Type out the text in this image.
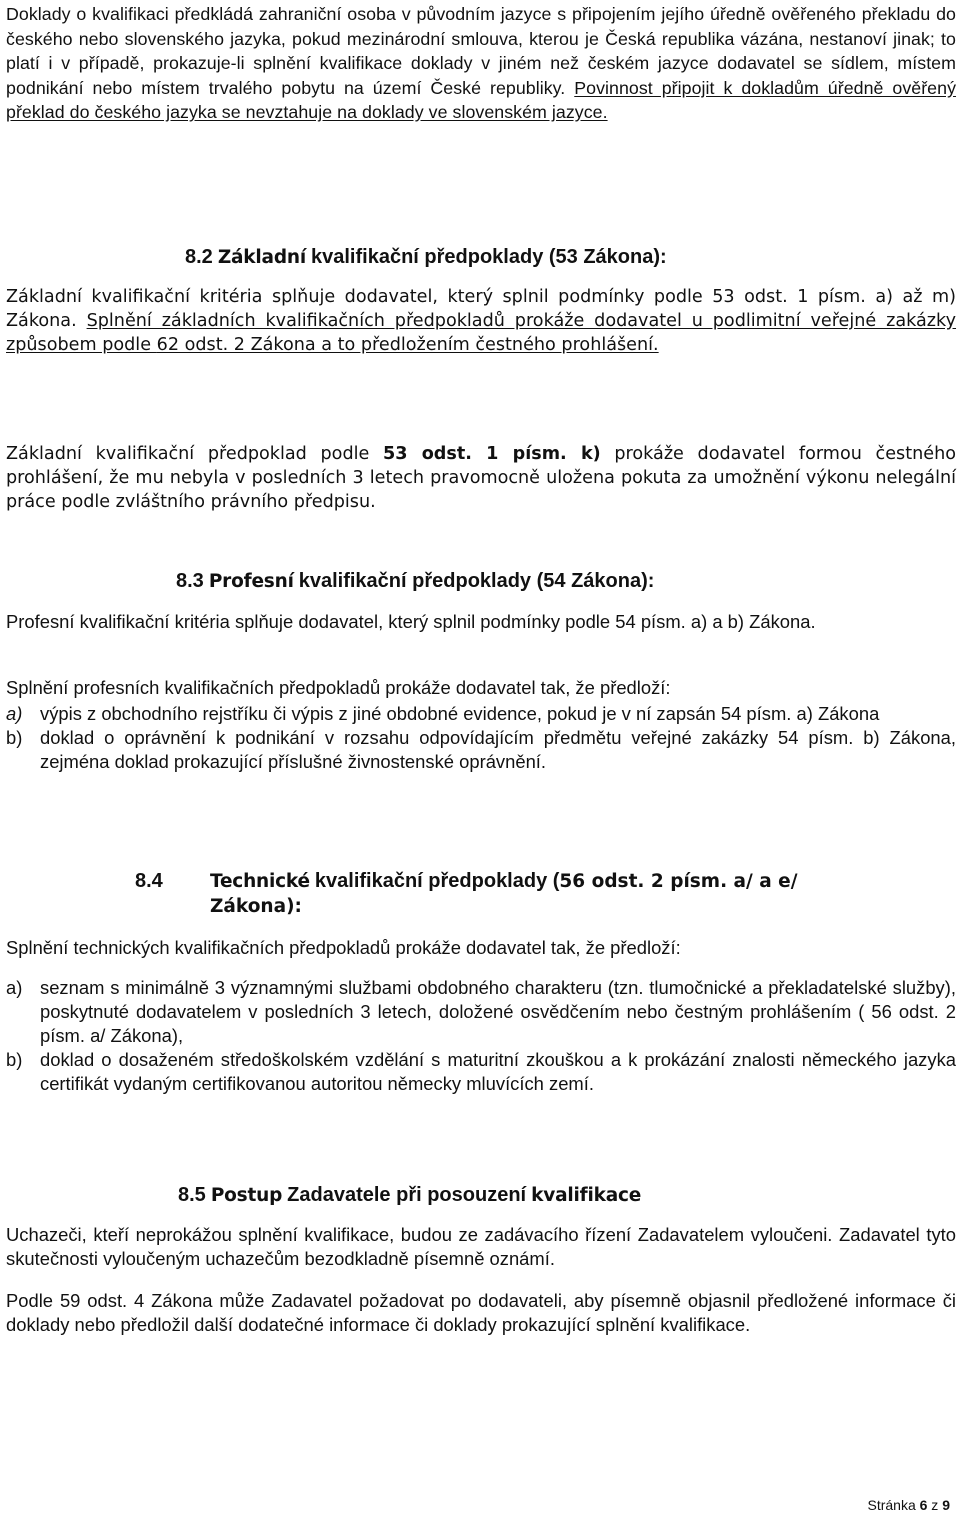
Doklady o kvalifikaci předkládá zahraniční osoba v původním jazyce s připojením jejího úředně ověřeného překladu do českého nebo slovenského jazyka, pokud mezinárodní smlouva, kterou je Česká republika vázána, nestanoví jinak; to platí i v případě, prokazuje-li splnění kvalifikace doklady v jiném než českém jazyce dodavatel se sídlem, místem podnikání nebo místem trvalého pobytu na území České republiky. Povinnost připojit k dokladům úředně ověřený překlad do českého jazyka se nevztahuje na doklady ve slovenském jazyce.

8.2 Základní kvalifikační předpoklady (53 Zákona):

Základní kvalifikační kritéria splňuje dodavatel, který splnil podmínky podle 53 odst. 1 písm. a) až m) Zákona. Splnění základních kvalifikačních předpokladů prokáže dodavatel u podlimitní veřejné zakázky způsobem podle 62 odst. 2 Zákona a to předložením čestného prohlášení.

Základní kvalifikační předpoklad podle 53 odst. 1 písm. k) prokáže dodavatel formou čestného prohlášení, že mu nebyla v posledních 3 letech pravomocně uložena pokuta za umožnění výkonu nelegální práce podle zvláštního právního předpisu.

8.3 Profesní kvalifikační předpoklady (54 Zákona):

Profesní kvalifikační kritéria splňuje dodavatel, který splnil podmínky podle 54 písm. a) a b) Zákona.

Splnění profesních kvalifikačních předpokladů prokáže dodavatel tak, že předloží:

a) výpis z obchodního rejstříku či výpis z jiné obdobné evidence, pokud je v ní zapsán 54 písm. a) Zákona
b) doklad o oprávnění k podnikání v rozsahu odpovídajícím předmětu veřejné zakázky 54 písm. b) Zákona, zejména doklad prokazující příslušné živnostenské oprávnění.
8.4	Technické kvalifikační předpoklady (56 odst. 2 písm. a/ a e/
Zákona):

Splnění technických kvalifikačních předpokladů prokáže dodavatel tak, že předloží:

a) seznam s minimálně 3 významnými službami obdobného charakteru (tzn. tlumočnické a překladatelské služby), poskytnuté dodavatelem v posledních 3 letech, doložené osvědčením nebo čestným prohlášením ( 56 odst. 2 písm. a/ Zákona),
b) doklad o dosaženém středoškolském vzdělání s maturitní zkouškou a k prokázání znalosti německého jazyka certifikát vydaným certifikovanou autoritou německy mluvících zemí.
8.5 Postup Zadavatele při posouzení kvalifikace

Uchazeči, kteří neprokážou splnění kvalifikace, budou ze zadávacího řízení Zadavatelem vyloučeni. Zadavatel tyto skutečnosti vyloučeným uchazečům bezodkladně písemně oznámí.

Podle 59 odst. 4 Zákona může Zadavatel požadovat po dodavateli, aby písemně objasnil předložené informace či doklady nebo předložil další dodatečné informace či doklady prokazující splnění kvalifikace.

Stránka 6 z 9
